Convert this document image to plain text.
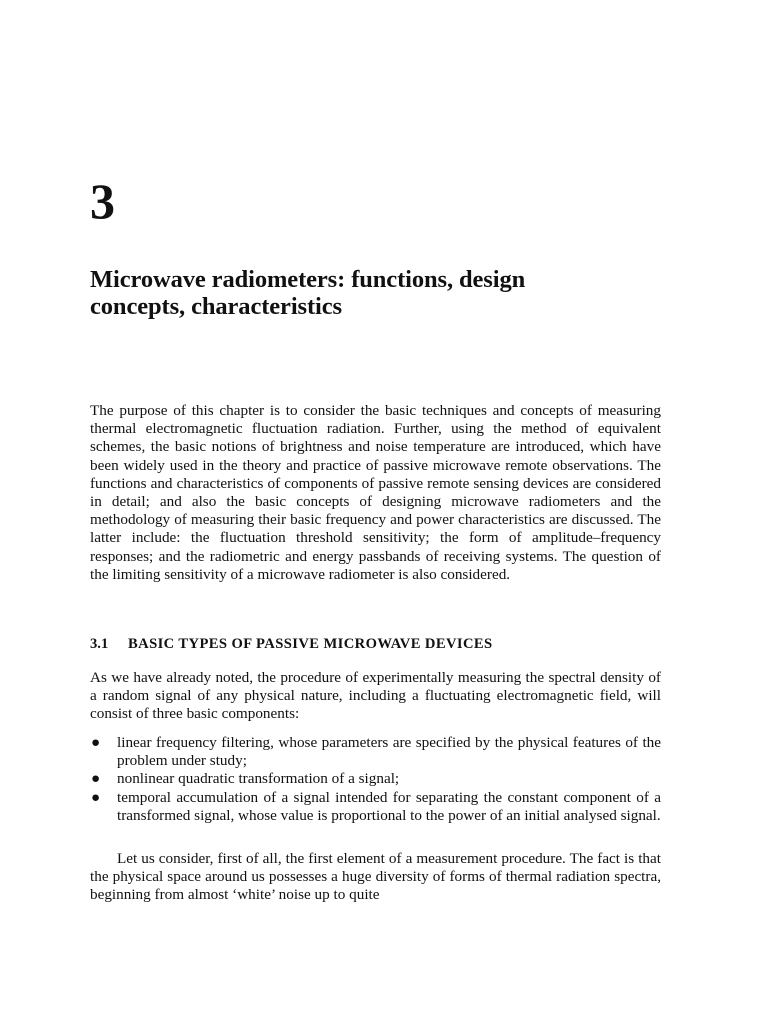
3
Microwave radiometers: functions, design
concepts, characteristics

The purpose of this chapter is to consider the basic techniques and concepts of measuring thermal electromagnetic fluctuation radiation. Further, using the method of equivalent schemes, the basic notions of brightness and noise temperature are introduced, which have been widely used in the theory and practice of passive microwave remote observations. The functions and characteristics of components of passive remote sensing devices are considered in detail; and also the basic concepts of designing microwave radiometers and the methodology of measuring their basic frequency and power characteristics are discussed. The latter include: the fluctuation threshold sensitivity; the form of amplitude–frequency responses; and the radiometric and energy passbands of receiving systems. The question of the limiting sensitivity of a microwave radiometer is also considered.

3.1 BASIC TYPES OF PASSIVE MICROWAVE DEVICES

As we have already noted, the procedure of experimentally measuring the spectral density of a random signal of any physical nature, including a fluctuating electromagnetic field, will consist of three basic components:

● linear frequency filtering, whose parameters are specified by the physical features of the problem under study;
● nonlinear quadratic transformation of a signal;
● temporal accumulation of a signal intended for separating the constant component of a transformed signal, whose value is proportional to the power of an initial analysed signal.

Let us consider, first of all, the first element of a measurement procedure. The fact is that the physical space around us possesses a huge diversity of forms of thermal radiation spectra, beginning from almost ‘white’ noise up to quite
